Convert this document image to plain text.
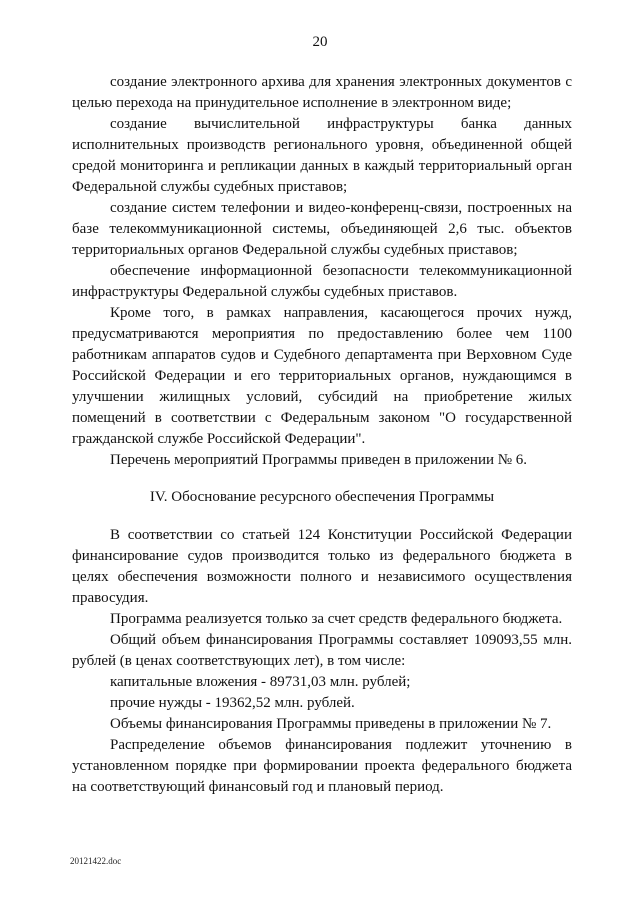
20

создание электронного архива для хранения электронных документов с целью перехода на принудительное исполнение в электронном виде;

создание вычислительной инфраструктуры банка данных исполнительных производств регионального уровня, объединенной общей средой мониторинга и репликации данных в каждый территориальный орган Федеральной службы судебных приставов;

создание систем телефонии и видео-конференц-связи, построенных на базе телекоммуникационной системы, объединяющей 2,6 тыс. объектов территориальных органов Федеральной службы судебных приставов;

обеспечение информационной безопасности телекоммуникационной инфраструктуры Федеральной службы судебных приставов.

Кроме того, в рамках направления, касающегося прочих нужд, предусматриваются мероприятия по предоставлению более чем 1100 работникам аппаратов судов и Судебного департамента при Верховном Суде Российской Федерации и его территориальных органов, нуждающимся в улучшении жилищных условий, субсидий на приобретение жилых помещений в соответствии с Федеральным законом "О государственной гражданской службе Российской Федерации".

Перечень мероприятий Программы приведен в приложении № 6.

IV. Обоснование ресурсного обеспечения Программы

В соответствии со статьей 124 Конституции Российской Федерации финансирование судов производится только из федерального бюджета в целях обеспечения возможности полного и независимого осуществления правосудия.

Программа реализуется только за счет средств федерального бюджета.

Общий объем финансирования Программы составляет 109093,55 млн. рублей (в ценах соответствующих лет), в том числе:

капитальные вложения - 89731,03 млн. рублей;

прочие нужды - 19362,52 млн. рублей.

Объемы финансирования Программы приведены в приложении № 7.

Распределение объемов финансирования подлежит уточнению в установленном порядке при формировании проекта федерального бюджета на соответствующий финансовый год и плановый период.

20121422.doc
